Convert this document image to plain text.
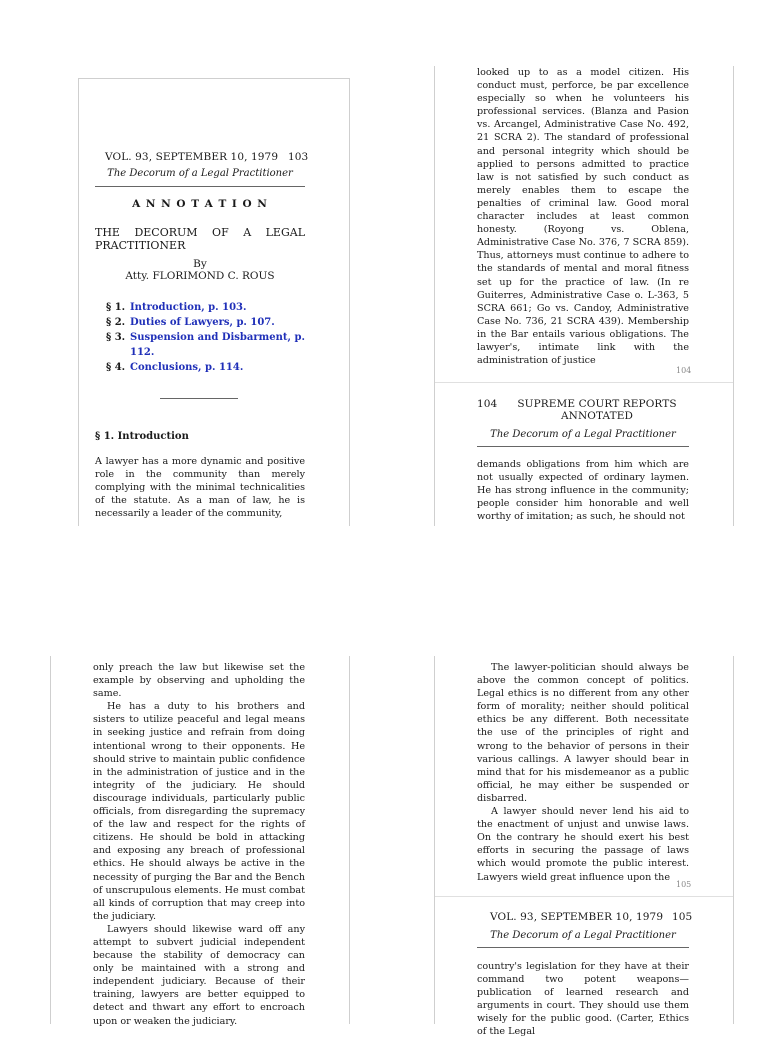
VOL. 93, SEPTEMBER 10, 1979 103
The Decorum of a Legal Practitioner
A N N O T A T I O N
THE DECORUM OF A LEGAL PRACTITIONER
By
Atty. FLORIMOND C. ROUS
§ 1. Introduction, p. 103.
§ 2. Duties of Lawyers, p. 107.
§ 3. Suspension and Disbarment, p. 112.
§ 4. Conclusions, p. 114.
§ 1. Introduction
A lawyer has a more dynamic and positive role in the community than merely complying with the minimal technicalities of the statute. As a man of law, he is necessarily a leader of the community,
looked up to as a model citizen. His conduct must, perforce, be par excellence especially so when he volunteers his professional services. (Blanza and Pasion vs. Arcangel, Administrative Case No. 492, 21 SCRA 2). The standard of professional and personal integrity which should be applied to persons admitted to practice law is not satisfied by such conduct as merely enables them to escape the penalties of criminal law. Good moral character includes at least common honesty. (Royong vs. Oblena, Administrative Case No. 376, 7 SCRA 859). Thus, attorneys must continue to adhere to the standards of mental and moral fitness set up for the practice of law. (In re Guiterres, Administrative Case o. L-363, 5 SCRA 661; Go vs. Candoy, Administrative Case No. 736, 21 SCRA 439). Membership in the Bar entails various obligations. The lawyer's, intimate link with the administration of justice
104
104	SUPREME COURT REPORTS ANNOTATED
The Decorum of a Legal Practitioner
demands obligations from him which are not usually expected of ordinary laymen. He has strong influence in the community; people consider him honorable and well worthy of imitation; as such, he should not

only preach the law but likewise set the example by observing and upholding the same.

He has a duty to his brothers and sisters to utilize peaceful and legal means in seeking justice and refrain from doing intentional wrong to their opponents. He should strive to maintain public confidence in the administration of justice and in the integrity of the judiciary. He should discourage individuals, particularly public officials, from disregarding the supremacy of the law and respect for the rights of citizens. He should be bold in attacking and exposing any breach of professional ethics. He should always be active in the necessity of purging the Bar and the Bench of unscrupulous elements. He must combat all kinds of corruption that may creep into the judiciary.

Lawyers should likewise ward off any attempt to subvert judicial independent because the stability of democracy can only be maintained with a strong and independent judiciary. Because of their training, lawyers are better equipped to detect and thwart any effort to encroach upon or weaken the judiciary.

The lawyer-politician should always be above the common concept of politics. Legal ethics is no different from any other form of morality; neither should political ethics be any different. Both necessitate the use of the principles of right and wrong to the behavior of persons in their various callings. A lawyer should bear in mind that for his misdemeanor as a public official, he may either be suspended or disbarred.

A lawyer should never lend his aid to the enactment of unjust and unwise laws. On the contrary he should exert his best efforts in securing the passage of laws which would promote the public interest. Lawyers wield great influence upon the

105
VOL. 93, SEPTEMBER 10, 1979 105
The Decorum of a Legal Practitioner
country's legislation for they have at their command two potent weapons—publication of learned research and arguments in court. They should use them wisely for the public good. (Carter, Ethics of the Legal
